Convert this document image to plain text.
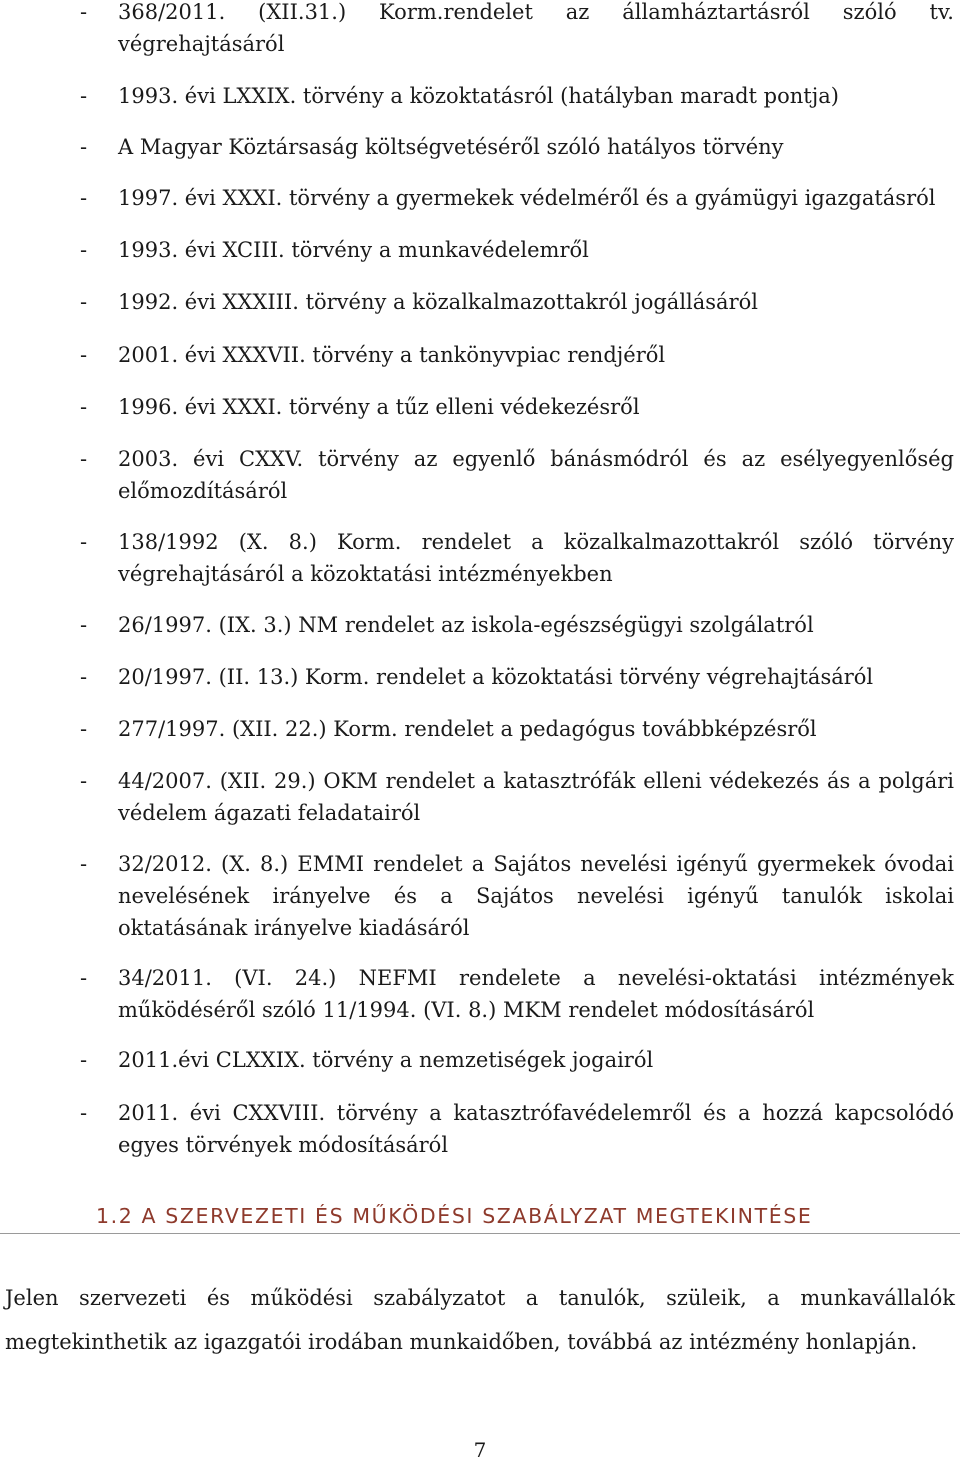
- 368/2011. (XII.31.) Korm.rendelet az államháztartásról szóló tv. végrehajtásáról
- 1993. évi LXXIX. törvény a közoktatásról (hatályban maradt pontja)
- A Magyar Köztársaság költségvetéséről szóló hatályos törvény
- 1997. évi XXXI. törvény a gyermekek védelméről és a gyámügyi igazgatásról
- 1993. évi XCIII. törvény a munkavédelemről
- 1992. évi XXXIII. törvény a közalkalmazottakról jogállásáról
- 2001. évi XXXVII. törvény a tankönyvpiac rendjéről
- 1996. évi XXXI. törvény a tűz elleni védekezésről
- 2003. évi CXXV. törvény az egyenlő bánásmódról és az esélyegyenlőség előmozdításáról
- 138/1992 (X. 8.) Korm. rendelet a közalkalmazottakról szóló törvény végrehajtásáról a közoktatási intézményekben
- 26/1997. (IX. 3.) NM rendelet az iskola-egészségügyi szolgálatról
- 20/1997. (II. 13.) Korm. rendelet a közoktatási törvény végrehajtásáról
- 277/1997. (XII. 22.) Korm. rendelet a pedagógus továbbképzésről
- 44/2007. (XII. 29.) OKM rendelet a katasztrófák elleni védekezés ás a polgári védelem ágazati feladatairól
- 32/2012. (X. 8.) EMMI rendelet a Sajátos nevelési igényű gyermekek óvodai nevelésének irányelve és a Sajátos nevelési igényű tanulók iskolai oktatásának irányelve kiadásáról
- 34/2011. (VI. 24.) NEFMI rendelete a nevelési-oktatási intézmények működéséről szóló 11/1994. (VI. 8.) MKM rendelet módosításáról
- 2011.évi CLXXIX. törvény a nemzetiségek jogairól
- 2011. évi CXXVIII. törvény a katasztrófavédelemről és a hozzá kapcsolódó egyes törvények módosításáról
1.2 A SZERVEZETI ÉS MŰKÖDÉSI SZABÁLYZAT MEGTEKINTÉSE

Jelen szervezeti és működési szabályzatot a tanulók, szüleik, a munkavállalók megtekinthetik az igazgatói irodában munkaidőben, továbbá az intézmény honlapján.

7
